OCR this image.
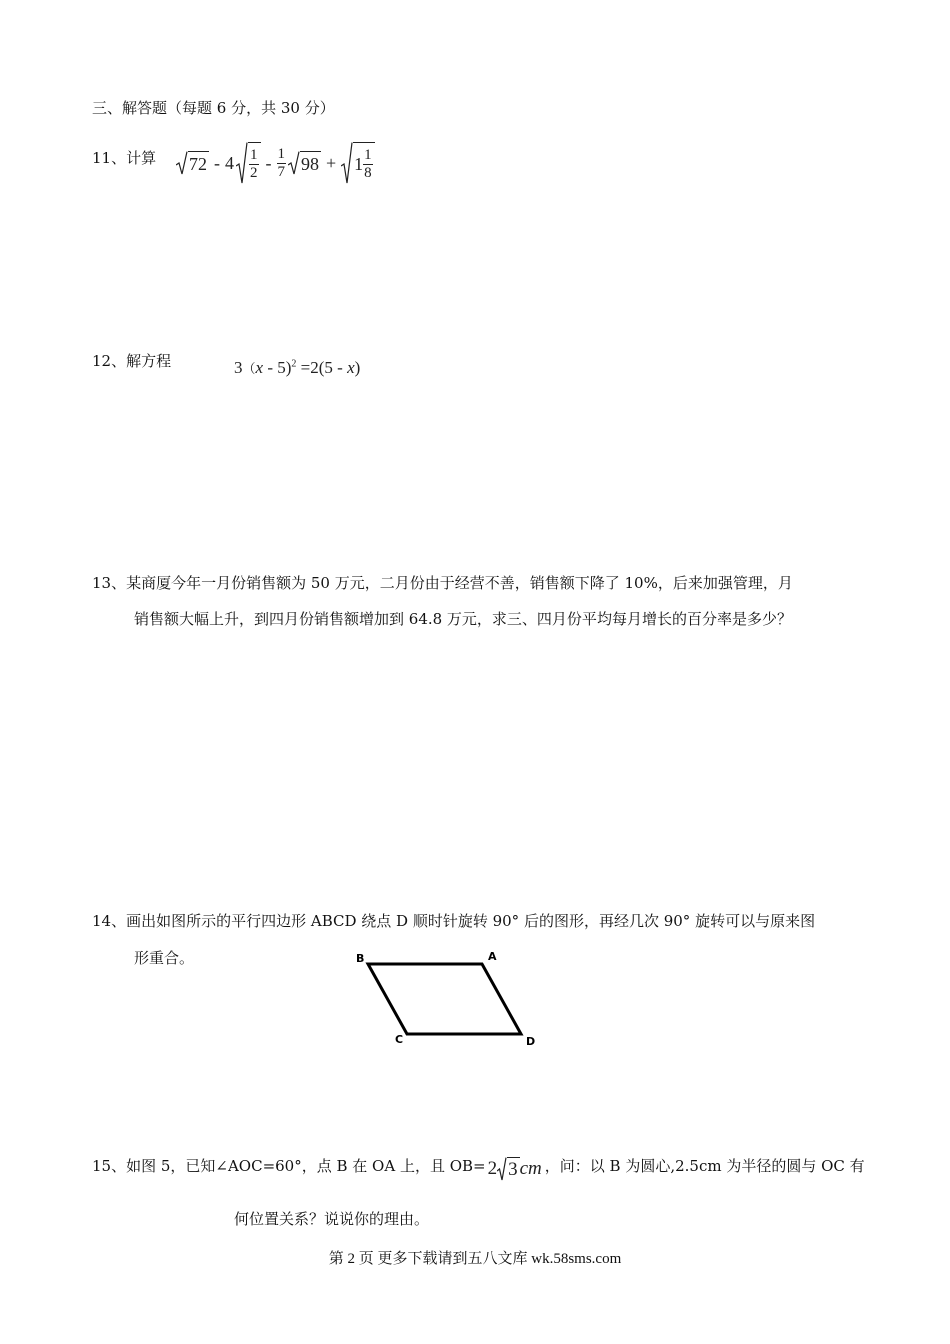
三、解答题（每题 6 分，共 30 分）
11、计算 $72 - 4 \frac{1}{2} - \frac{1}{7} 98 + 1 \frac{1}{8}$
12、解方程	3（x - 5)$^2$ =2(5 - x)
13、某商厦今年一月份销售额为 50 万元，二月份由于经营不善，销售额下降了 10%，后来加强管理，月
销售额大幅上升，到四月份销售额增加到 64.8 万元，求三、四月份平均每月增长的百分率是多少？
14、画出如图所示的平行四边形 ABCD 绕点 D 顺时针旋转 90° 后的图形，再经几次 90° 旋转可以与原来图
形重合。	B	A
C	D
15、如图 5，已知∠AOC=60°，点 B 在 OA 上，且 OB= 2 3 cm ，问：以 B 为圆心,2.5cm 为半径的圆与 OC 有
何位置关系？说说你的理由。
第 2 页 更多下载请到五八文库 wk.58sms.com
